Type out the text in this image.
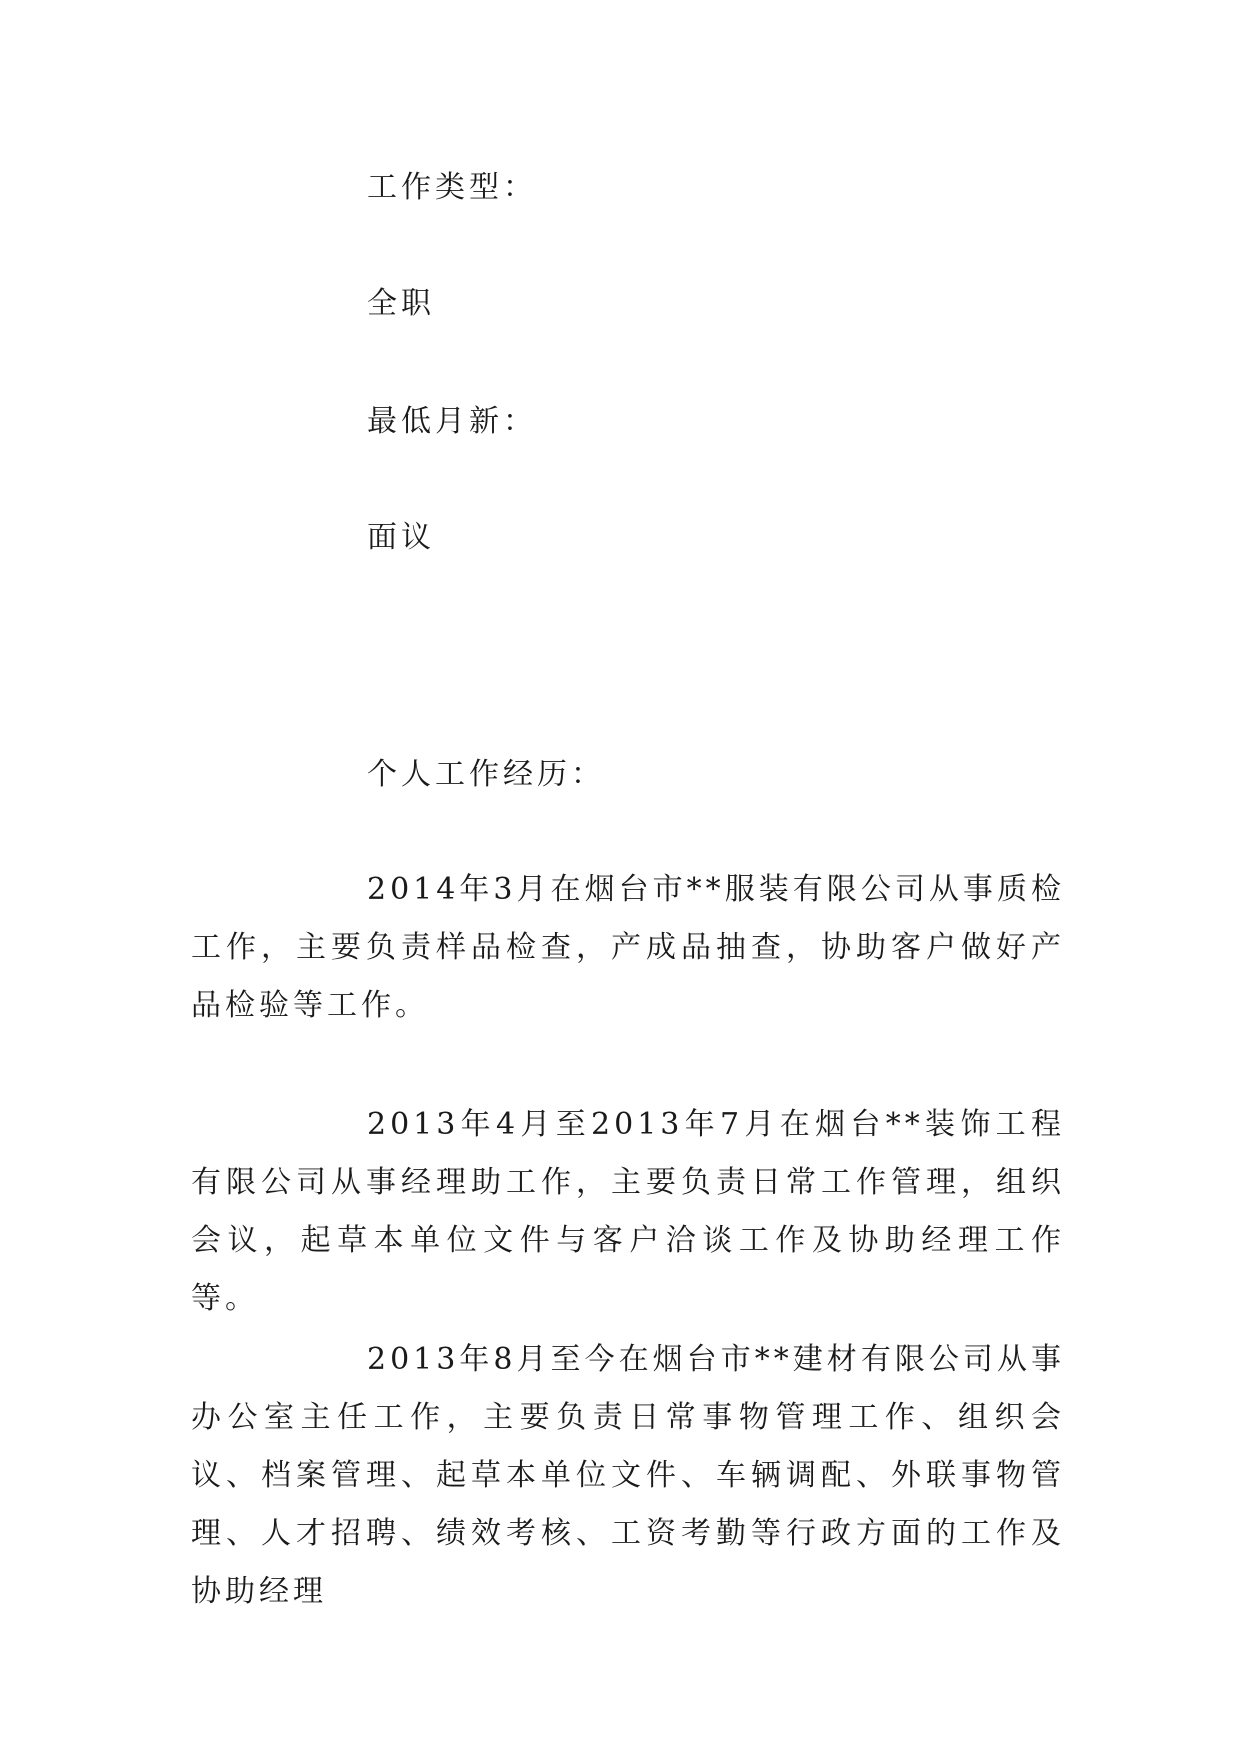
工作类型：
全职
最低月新：
面议
个人工作经历：
2014年3月在烟台市**服装有限公司从事质检工作，主要负责样品检查，产成品抽查，协助客户做好产品检验等工作。
2013年4月至2013年7月在烟台**装饰工程有限公司从事经理助工作，主要负责日常工作管理，组织会议，起草本单位文件与客户洽谈工作及协助经理工作等。
2013年8月至今在烟台市**建材有限公司从事办公室主任工作，主要负责日常事物管理工作、组织会议、档案管理、起草本单位文件、车辆调配、外联事物管理、人才招聘、绩效考核、工资考勤等行政方面的工作及协助经理
